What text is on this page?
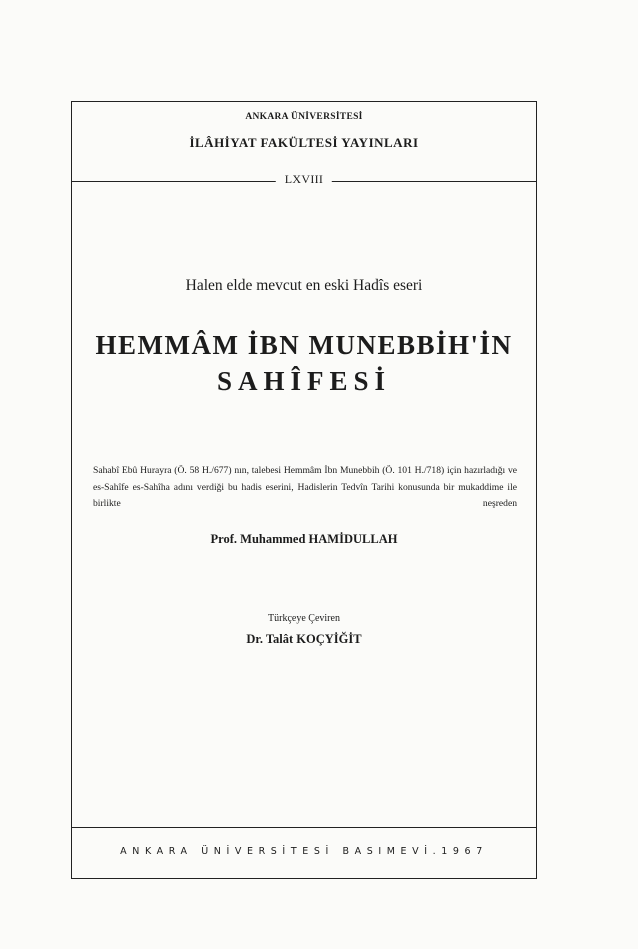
ANKARA ÜNİVERSİTESİ
İLÂHİYAT FAKÜLTESİ YAYINLARI
LXVIII
Halen elde mevcut en eski Hadîs eseri
HEMMÂM İBN MUNEBBİH'İN
SAHÎFESİ
Sahabî Ebû Hurayra (Ö. 58 H./677) nın, talebesi Hemmâm İbn Munebbih (Ö. 101 H./718) için hazırladığı ve es-Sahîfe es-Sahîha adını verdiği bu hadis eserini, Hadislerin Tedvîn Tarihi konusunda bir mukaddime ile birlikte neşreden
Prof. Muhammed HAMİDULLAH
Türkçeye Çeviren
Dr. Talât KOÇYİĞİT
ANKARA ÜNİVERSİTESİ BASIMEVİ.1967
